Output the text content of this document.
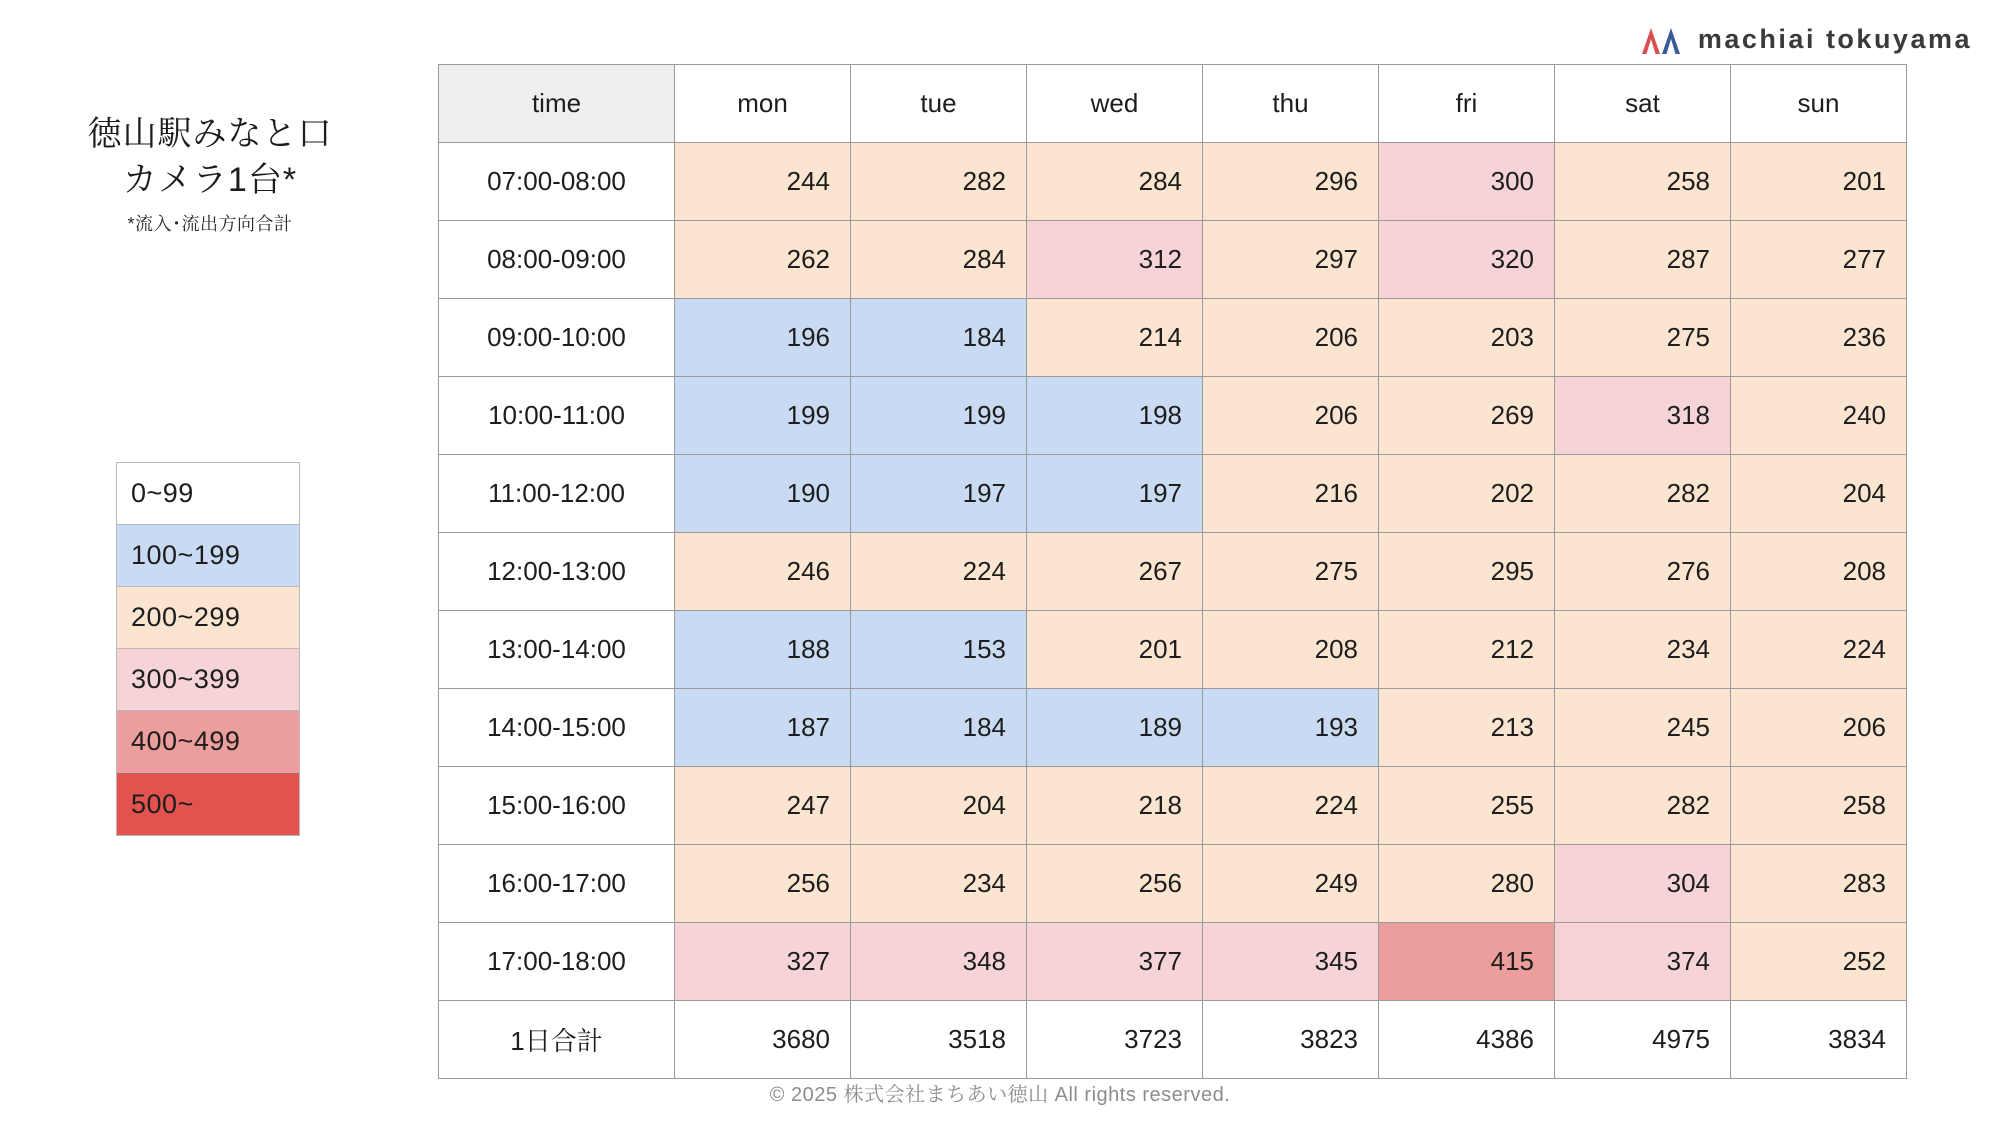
machiai tokuyama
徳山駅みなと口
カメラ1台*
*流入･流出方向合計
0~99
100~199
200~299
300~399
400~499
500~
time	mon	tue	wed	thu	fri	sat	sun
07:00-08:00	244	282	284	296	300	258	201
08:00-09:00	262	284	312	297	320	287	277
09:00-10:00	196	184	214	206	203	275	236
10:00-11:00	199	199	198	206	269	318	240
11:00-12:00	190	197	197	216	202	282	204
12:00-13:00	246	224	267	275	295	276	208
13:00-14:00	188	153	201	208	212	234	224
14:00-15:00	187	184	189	193	213	245	206
15:00-16:00	247	204	218	224	255	282	258
16:00-17:00	256	234	256	249	280	304	283
17:00-18:00	327	348	377	345	415	374	252
1日合計	3680	3518	3723	3823	4386	4975	3834
© 2025 株式会社まちあい徳山 All rights reserved.
